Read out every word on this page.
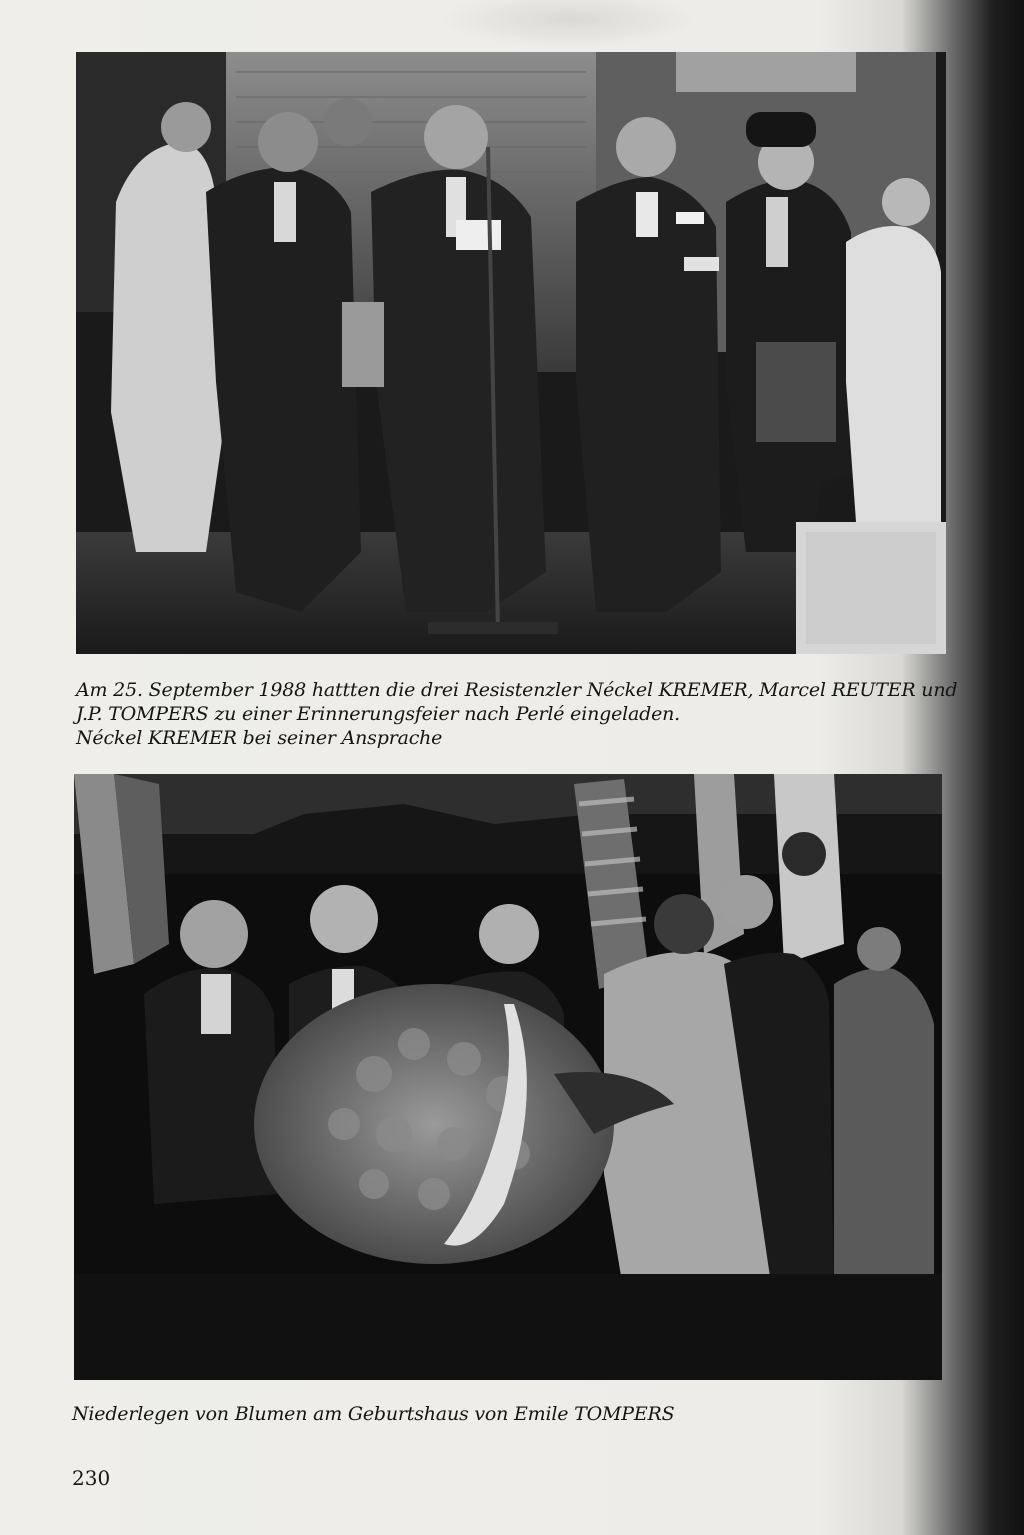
Am 25. September 1988 hattten die drei Resistenzler Néckel KREMER, Marcel REUTER und
J.P. TOMPERS zu einer Erinnerungsfeier nach Perlé eingeladen.
Néckel KREMER bei seiner Ansprache
Niederlegen von Blumen am Geburtshaus von Emile TOMPERS
230
